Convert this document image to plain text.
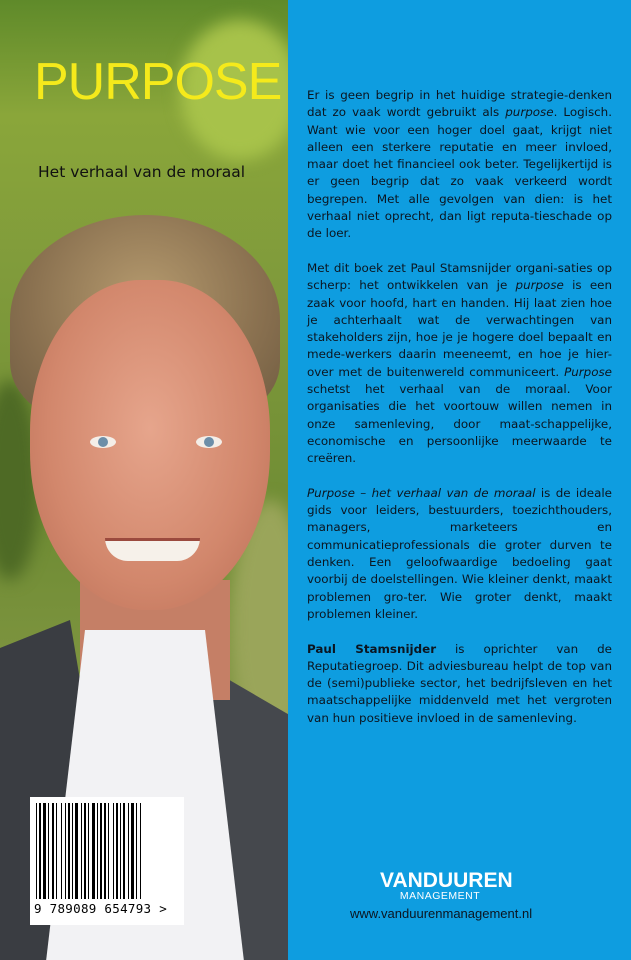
PURPOSE
Het verhaal van de moraal
9 789089 654793 >

Er is geen begrip in het huidige strategie-denken dat zo vaak wordt gebruikt als purpose. Logisch. Want wie voor een hoger doel gaat, krijgt niet alleen een sterkere reputatie en meer invloed, maar doet het financieel ook beter. Tegelijkertijd is er geen begrip dat zo vaak verkeerd wordt begrepen. Met alle gevolgen van dien: is het verhaal niet oprecht, dan ligt reputa-tieschade op de loer.

Met dit boek zet Paul Stamsnijder organi-saties op scherp: het ontwikkelen van je purpose is een zaak voor hoofd, hart en handen. Hij laat zien hoe je achterhaalt wat de verwachtingen van stakeholders zijn, hoe je je hogere doel bepaalt en mede-werkers daarin meeneemt, en hoe je hier-over met de buitenwereld communiceert. Purpose schetst het verhaal van de moraal. Voor organisaties die het voortouw willen nemen in onze samenleving, door maat-schappelijke, economische en persoonlijke meerwaarde te creëren.

Purpose – het verhaal van de moraal is de ideale gids voor leiders, bestuurders, toezichthouders, managers, marketeers en communicatieprofessionals die groter durven te denken. Een geloofwaardige bedoeling gaat voorbij de doelstellingen. Wie kleiner denkt, maakt problemen gro-ter. Wie groter denkt, maakt problemen kleiner.

Paul Stamsnijder is oprichter van de Reputatiegroep. Dit adviesbureau helpt de top van de (semi)publieke sector, het bedrijfsleven en het maatschappelijke middenveld met het vergroten van hun positieve invloed in de samenleving.

VANDUUREN
MANAGEMENT
www.vanduurenmanagement.nl
